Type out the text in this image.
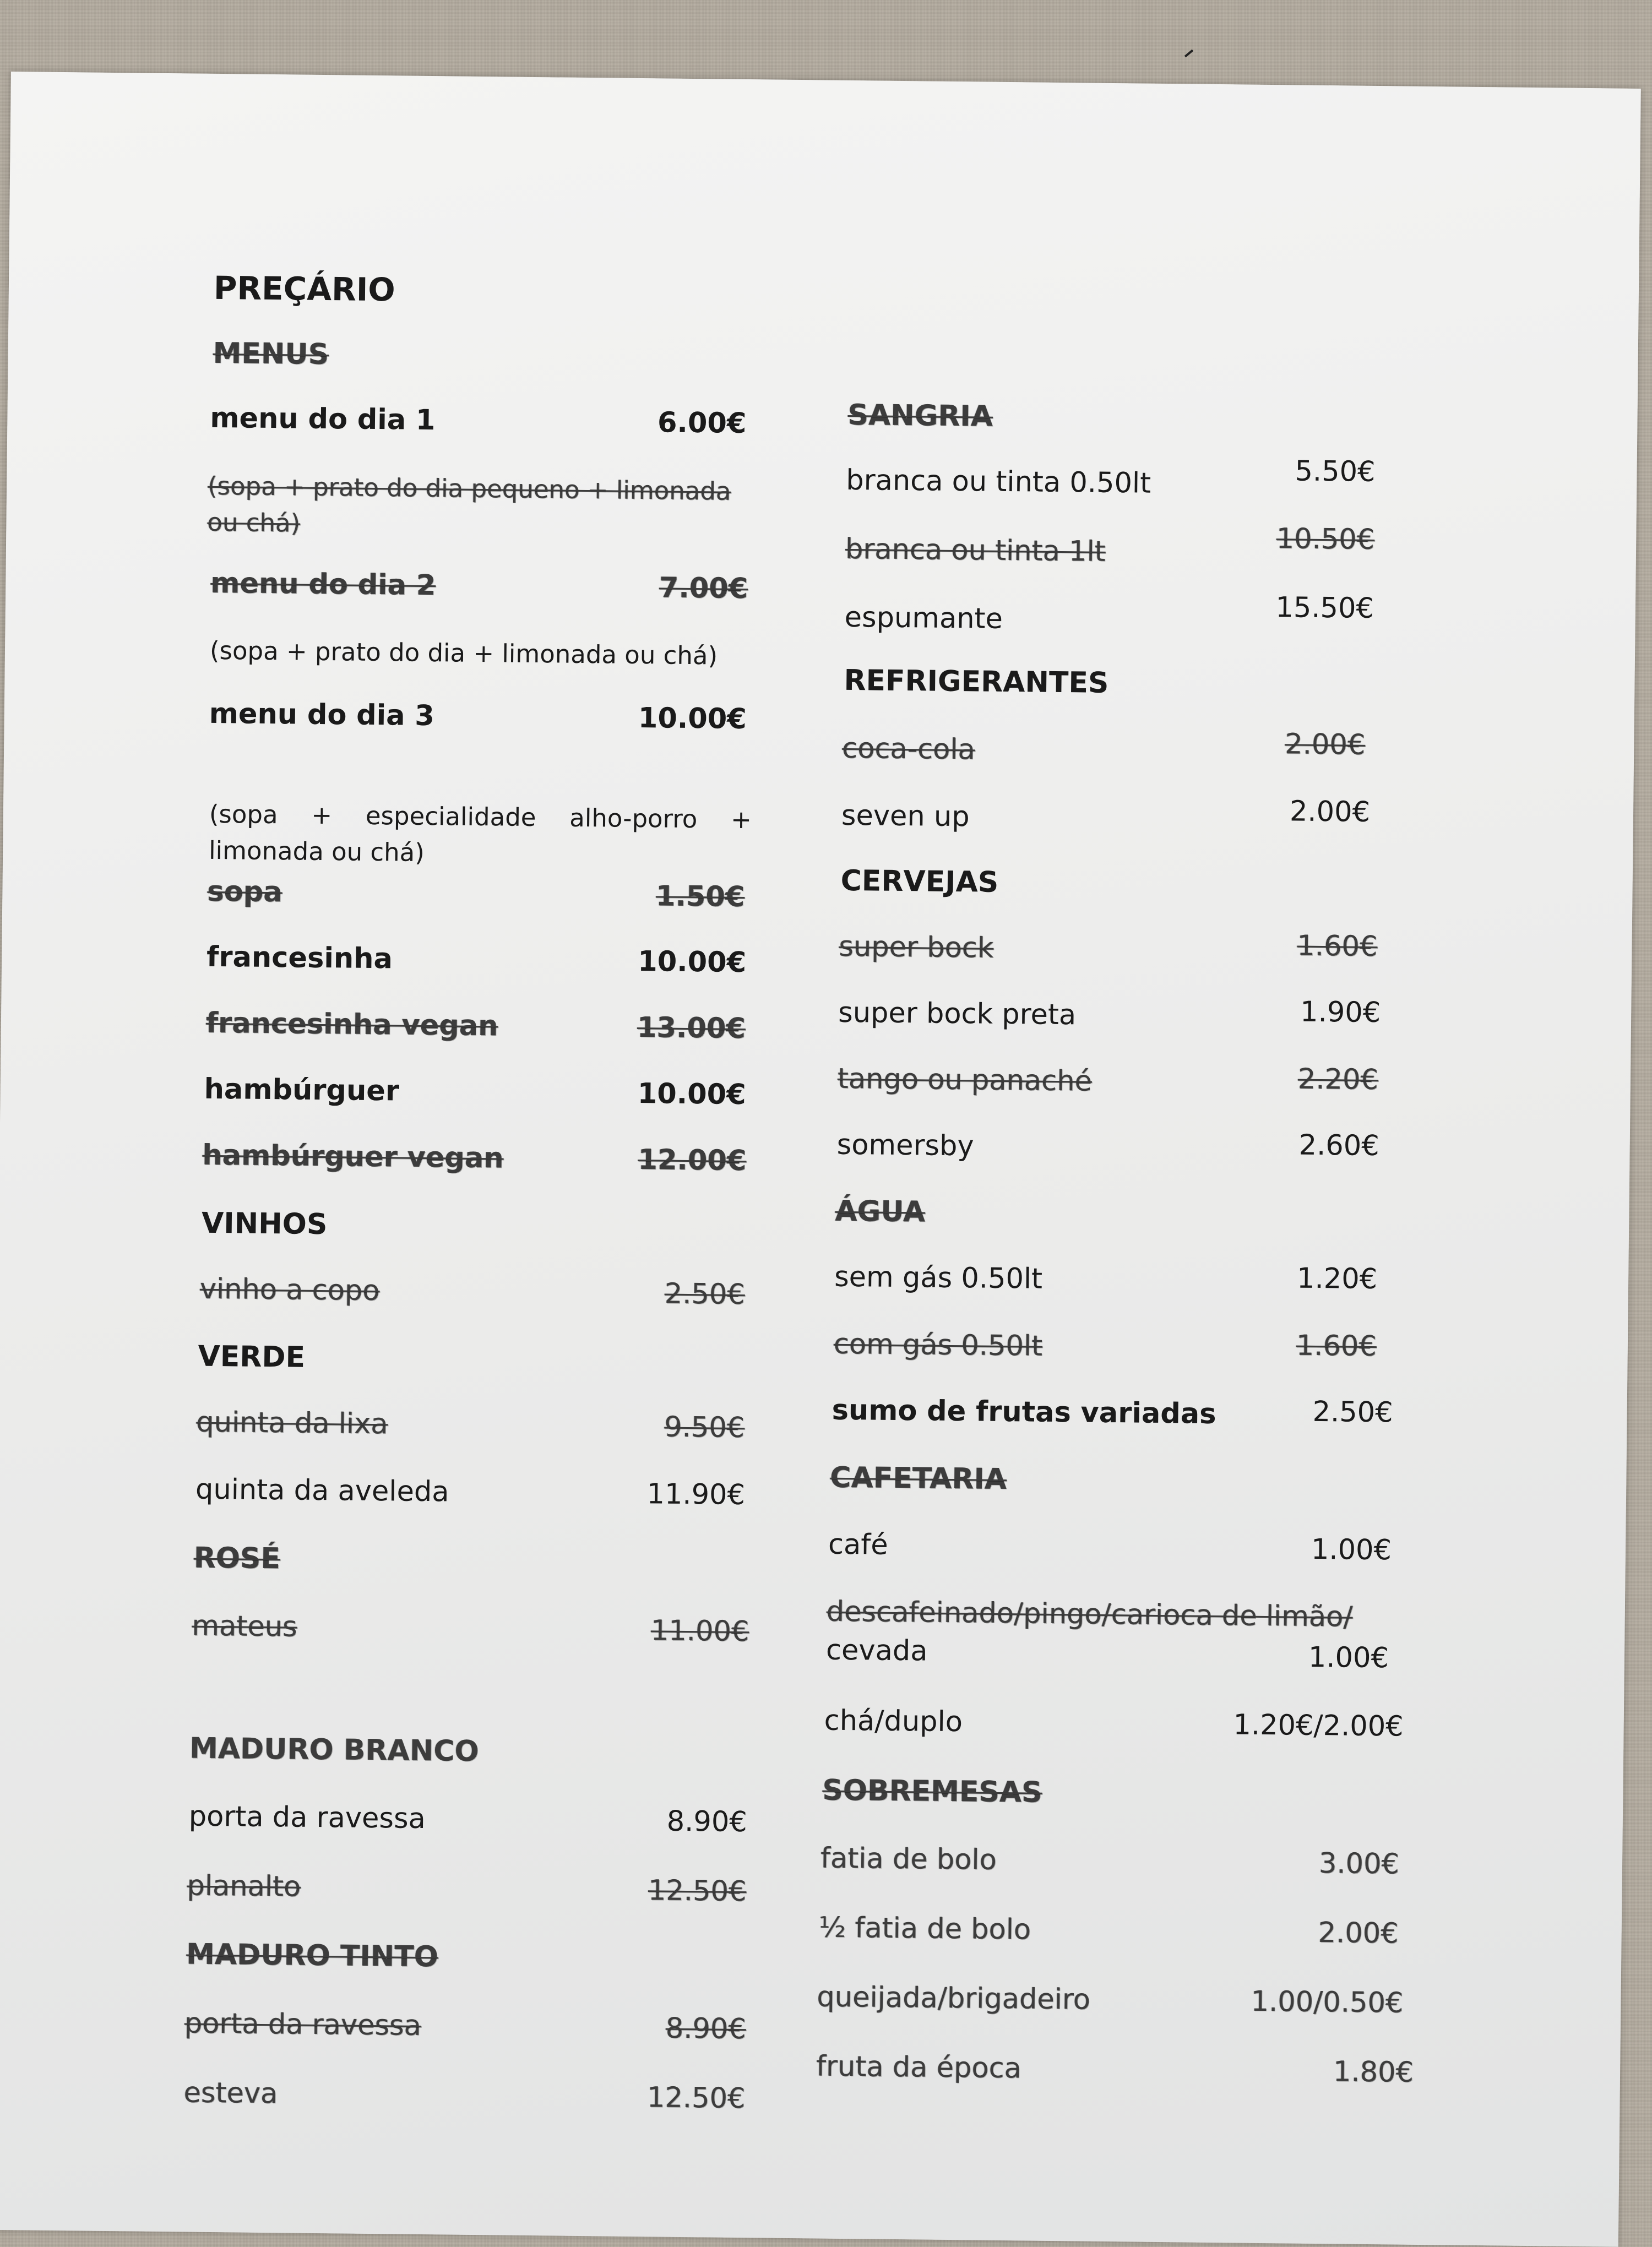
PREÇÁRIO
MENUS
menu do dia 1	6.00€
(sopa + prato do dia pequeno + limonada ou chá)
menu do dia 2	7.00€
(sopa + prato do dia + limonada ou chá)
menu do dia 3	10.00€
(sopa + especialidade alho-porro + limonada ou chá)
sopa	1.50€
francesinha	10.00€
francesinha vegan	13.00€
hambúrguer	10.00€
hambúrguer vegan	12.00€
VINHOS
vinho a copo	2.50€
VERDE
quinta da lixa	9.50€
quinta da aveleda	11.90€
ROSÉ
mateus	11.00€
MADURO BRANCO
porta da ravessa	8.90€
planalto	12.50€
MADURO TINTO
porta da ravessa	8.90€
esteva	12.50€
SANGRIA
branca ou tinta 0.50lt	5.50€
branca ou tinta 1lt	10.50€
espumante	15.50€
REFRIGERANTES
coca-cola	2.00€
seven up	2.00€
CERVEJAS
super bock	1.60€
super bock preta	1.90€
tango ou panaché	2.20€
somersby	2.60€
ÁGUA
sem gás 0.50lt	1.20€
com gás 0.50lt	1.60€
sumo de frutas variadas	2.50€
CAFETARIA
café	1.00€
descafeinado/pingo/carioca de limão/
cevada	1.00€
chá/duplo	1.20€/2.00€
SOBREMESAS
fatia de bolo	3.00€
½ fatia de bolo	2.00€
queijada/brigadeiro	1.00/0.50€
fruta da época	1.80€
